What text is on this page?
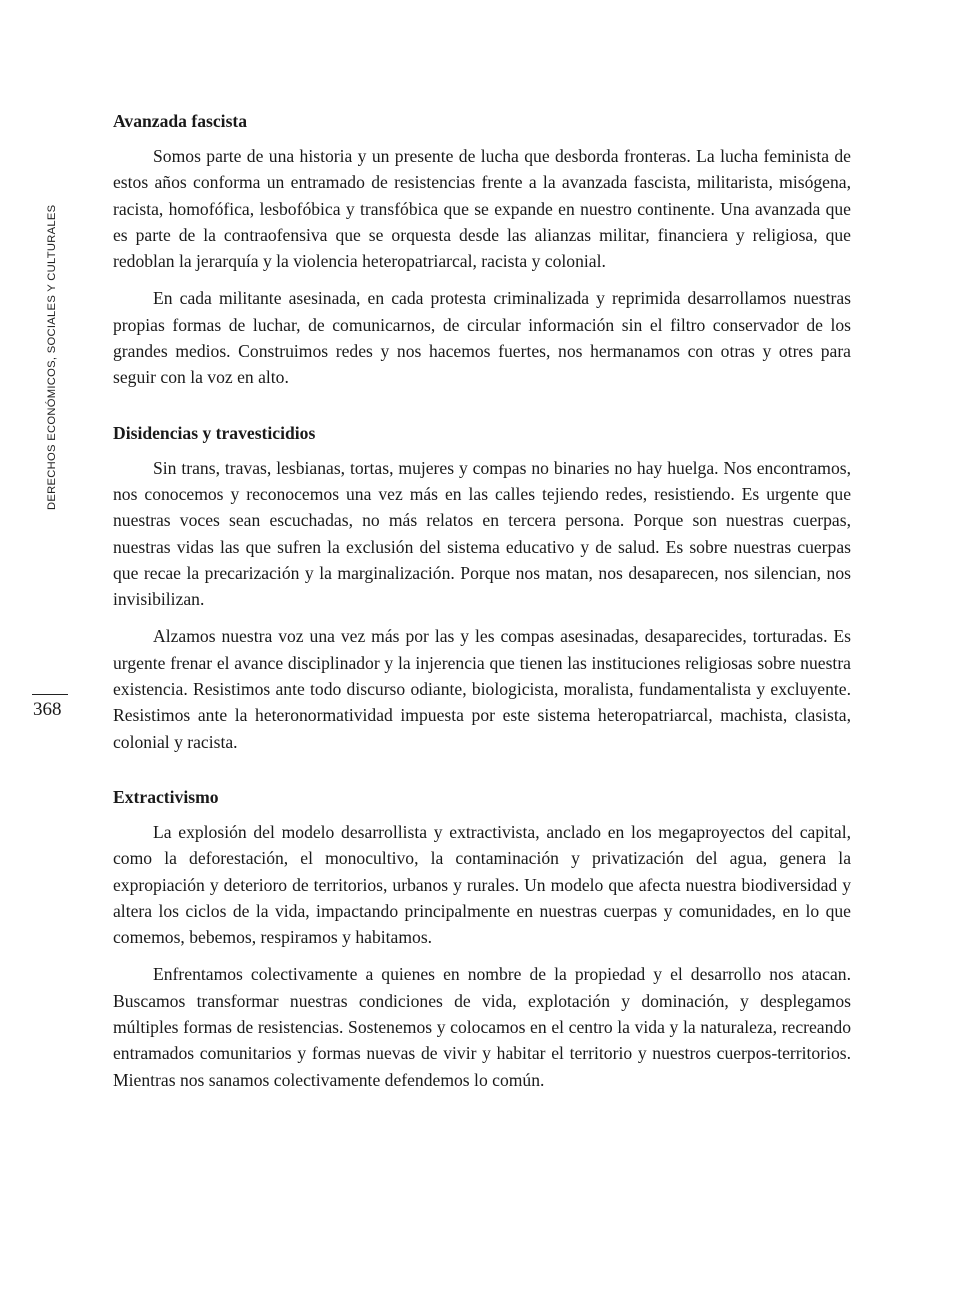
DERECHOS ECONÓMICOS, SOCIALES Y CULTURALES
368
Avanzada fascista

Somos parte de una historia y un presente de lucha que desborda fronteras. La lucha feminista de estos años conforma un entramado de resistencias frente a la avanzada fascista, militarista, misógena, racista, homofófica, lesbofóbica y transfóbica que se expande en nuestro continente. Una avanzada que es parte de la contraofensiva que se orquesta desde las alianzas militar, financiera y religiosa, que redoblan la jerarquía y la violencia heteropatriarcal, racista y colonial.

En cada militante asesinada, en cada protesta criminalizada y reprimida desarrollamos nuestras propias formas de luchar, de comunicarnos, de circular información sin el filtro conservador de los grandes medios. Construimos redes y nos hacemos fuertes, nos hermanamos con otras y otres para seguir con la voz en alto.

Disidencias y travesticidios

Sin trans, travas, lesbianas, tortas, mujeres y compas no binaries no hay huelga. Nos encontramos, nos conocemos y reconocemos una vez más en las calles tejiendo redes, resistiendo. Es urgente que nuestras voces sean escuchadas, no más relatos en tercera persona. Porque son nuestras cuerpas, nuestras vidas las que sufren la exclusión del sistema educativo y de salud. Es sobre nuestras cuerpas que recae la precarización y la marginalización. Porque nos matan, nos desaparecen, nos silencian, nos invisibilizan.

Alzamos nuestra voz una vez más por las y les compas asesinadas, desaparecides, torturadas. Es urgente frenar el avance disciplinador y la injerencia que tienen las instituciones religiosas sobre nuestra existencia. Resistimos ante todo discurso odiante, biologicista, moralista, fundamentalista y excluyente. Resistimos ante la heteronormatividad impuesta por este sistema heteropatriarcal, machista, clasista, colonial y racista.

Extractivismo

La explosión del modelo desarrollista y extractivista, anclado en los megaproyectos del capital, como la deforestación, el monocultivo, la contaminación y privatización del agua, genera la expropiación y deterioro de territorios, urbanos y rurales. Un modelo que afecta nuestra biodiversidad y altera los ciclos de la vida, impactando principalmente en nuestras cuerpas y comunidades, en lo que comemos, bebemos, respiramos y habitamos.

Enfrentamos colectivamente a quienes en nombre de la propiedad y el desarrollo nos atacan. Buscamos transformar nuestras condiciones de vida, explotación y dominación, y desplegamos múltiples formas de resistencias. Sostenemos y colocamos en el centro la vida y la naturaleza, recreando entramados comunitarios y formas nuevas de vivir y habitar el territorio y nuestros cuerpos-territorios. Mientras nos sanamos colectivamente defendemos lo común.
